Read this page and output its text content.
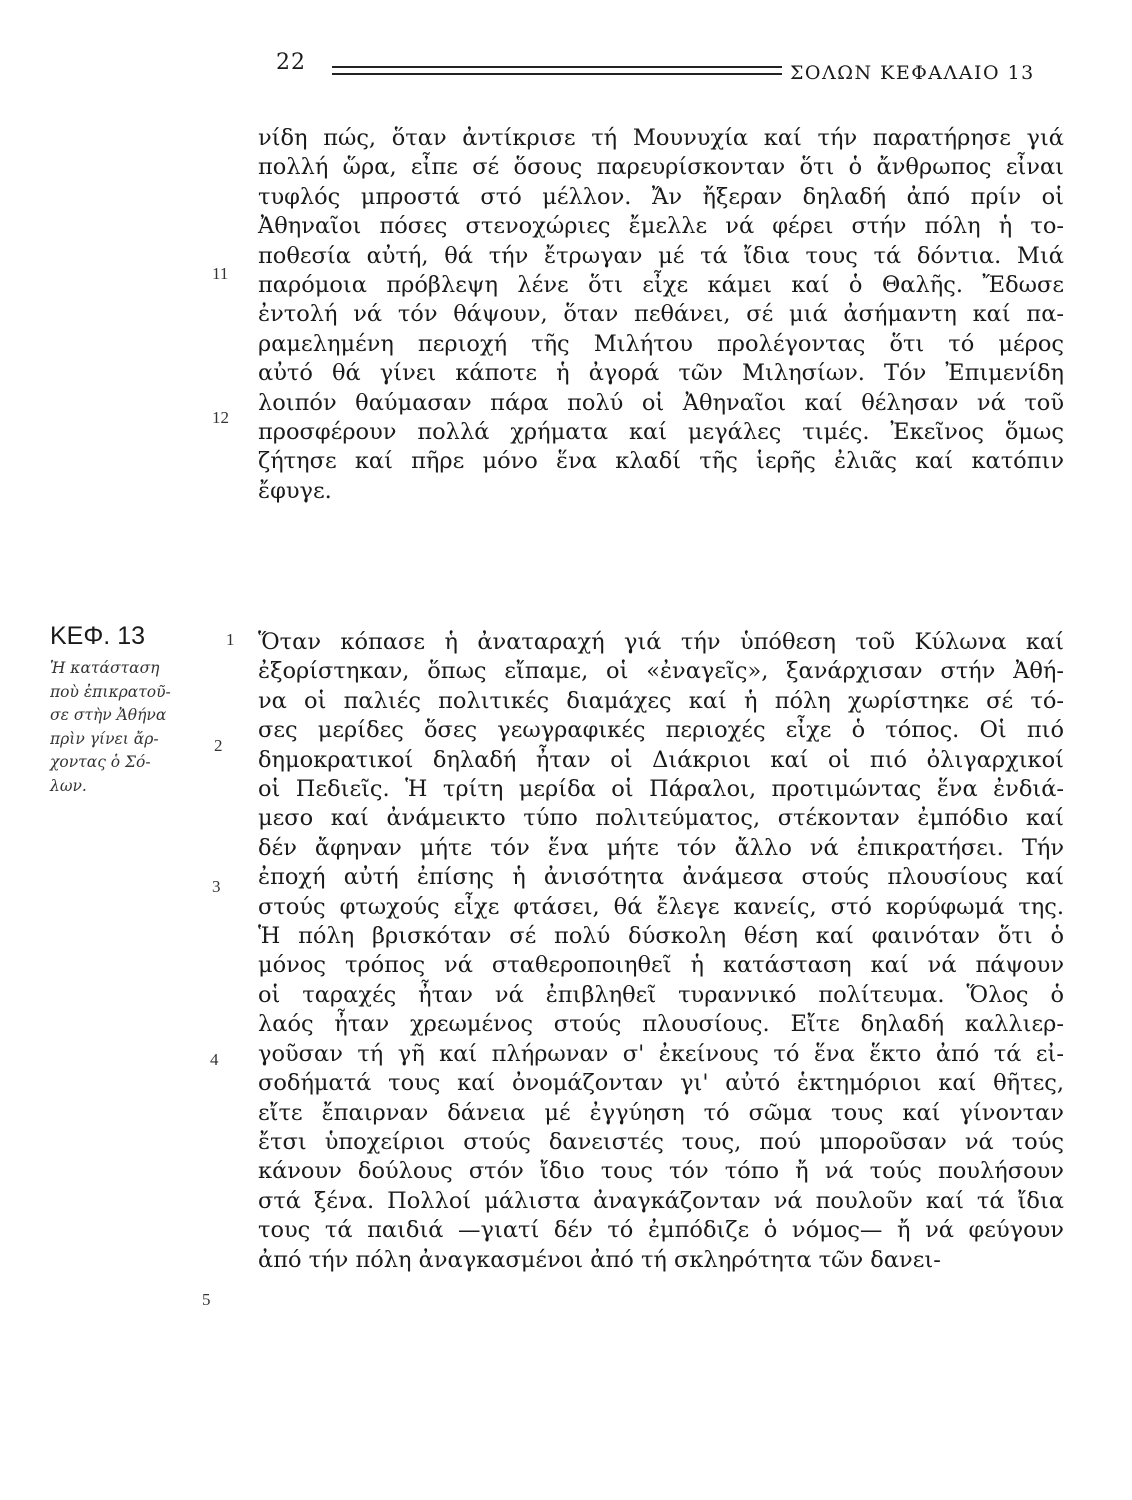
22	ΣΟΛΩΝ ΚΕΦΑΛΑΙΟ 13
νίδη πώς, ὅταν ἀντίκρισε τή Μουνυχία καί τήν παρατήρησε γιά
πολλή ὥρα, εἶπε σέ ὅσους παρευρίσκονταν ὅτι ὁ ἄνθρωπος εἶναι
τυφλός μπροστά στό μέλλον. Ἄν ἤξεραν δηλαδή ἀπό πρίν οἱ
Ἀθηναῖοι πόσες στενοχώριες ἔμελλε νά φέρει στήν πόλη ἡ το-
ποθεσία αὐτή, θά τήν ἔτρωγαν μέ τά ἴδια τους τά δόντια. Μιά
παρόμοια πρόβλεψη λένε ὅτι εἶχε κάμει καί ὁ Θαλῆς. Ἔδωσε
ἐντολή νά τόν θάψουν, ὅταν πεθάνει, σέ μιά ἀσήμαντη καί πα-
ραμελημένη περιοχή τῆς Μιλήτου προλέγοντας ὅτι τό μέρος
αὐτό θά γίνει κάποτε ἡ ἀγορά τῶν Μιλησίων. Τόν Ἐπιμενίδη
λοιπόν θαύμασαν πάρα πολύ οἱ Ἀθηναῖοι καί θέλησαν νά τοῦ
προσφέρουν πολλά χρήματα καί μεγάλες τιμές. Ἐκεῖνος ὅμως
ζήτησε καί πῆρε μόνο ἕνα κλαδί τῆς ἱερῆς ἐλιᾶς καί κατόπιν
ἔφυγε.
11
12
ΚΕΦ. 13
Ἡ κατάσταση
ποὺ ἐπικρατοῦ-
σε στὴν Ἀθήνα
πρὶν γίνει ἄρ-
χοντας ὁ Σό-
λων.
1
2
3
4
5
Ὅταν κόπασε ἡ ἀναταραχή γιά τήν ὑπόθεση τοῦ Κύλωνα καί
ἐξορίστηκαν, ὅπως εἴπαμε, οἱ «ἐναγεῖς», ξανάρχισαν στήν Ἀθή-
να οἱ παλιές πολιτικές διαμάχες καί ἡ πόλη χωρίστηκε σέ τό-
σες μερίδες ὅσες γεωγραφικές περιοχές εἶχε ὁ τόπος. Οἱ πιό
δημοκρατικοί δηλαδή ἦταν οἱ Διάκριοι καί οἱ πιό ὀλιγαρχικοί
οἱ Πεδιεῖς. Ἡ τρίτη μερίδα οἱ Πάραλοι, προτιμώντας ἕνα ἐνδιά-
μεσο καί ἀνάμεικτο τύπο πολιτεύματος, στέκονταν ἐμπόδιο καί
δέν ἄφηναν μήτε τόν ἕνα μήτε τόν ἄλλο νά ἐπικρατήσει. Τήν
ἐποχή αὐτή ἐπίσης ἡ ἀνισότητα ἀνάμεσα στούς πλουσίους καί
στούς φτωχούς εἶχε φτάσει, θά ἔλεγε κανείς, στό κορύφωμά της.
Ἡ πόλη βρισκόταν σέ πολύ δύσκολη θέση καί φαινόταν ὅτι ὁ
μόνος τρόπος νά σταθεροποιηθεῖ ἡ κατάσταση καί νά πάψουν
οἱ ταραχές ἦταν νά ἐπιβληθεῖ τυραννικό πολίτευμα. Ὅλος ὁ
λαός ἦταν χρεωμένος στούς πλουσίους. Εἴτε δηλαδή καλλιερ-
γοῦσαν τή γῆ καί πλήρωναν σ' ἐκείνους τό ἕνα ἕκτο ἀπό τά εἰ-
σοδήματά τους καί ὀνομάζονταν γι' αὐτό ἑκτημόριοι καί θῆτες,
εἴτε ἔπαιρναν δάνεια μέ ἐγγύηση τό σῶμα τους καί γίνονταν
ἔτσι ὑποχείριοι στούς δανειστές τους, πού μποροῦσαν νά τούς
κάνουν δούλους στόν ἴδιο τους τόν τόπο ἤ νά τούς πουλήσουν
στά ξένα. Πολλοί μάλιστα ἀναγκάζονταν νά πουλοῦν καί τά ἴδια
τους τά παιδιά —γιατί δέν τό ἐμπόδιζε ὁ νόμος— ἤ νά φεύγουν
ἀπό τήν πόλη ἀναγκασμένοι ἀπό τή σκληρότητα τῶν δανει-
